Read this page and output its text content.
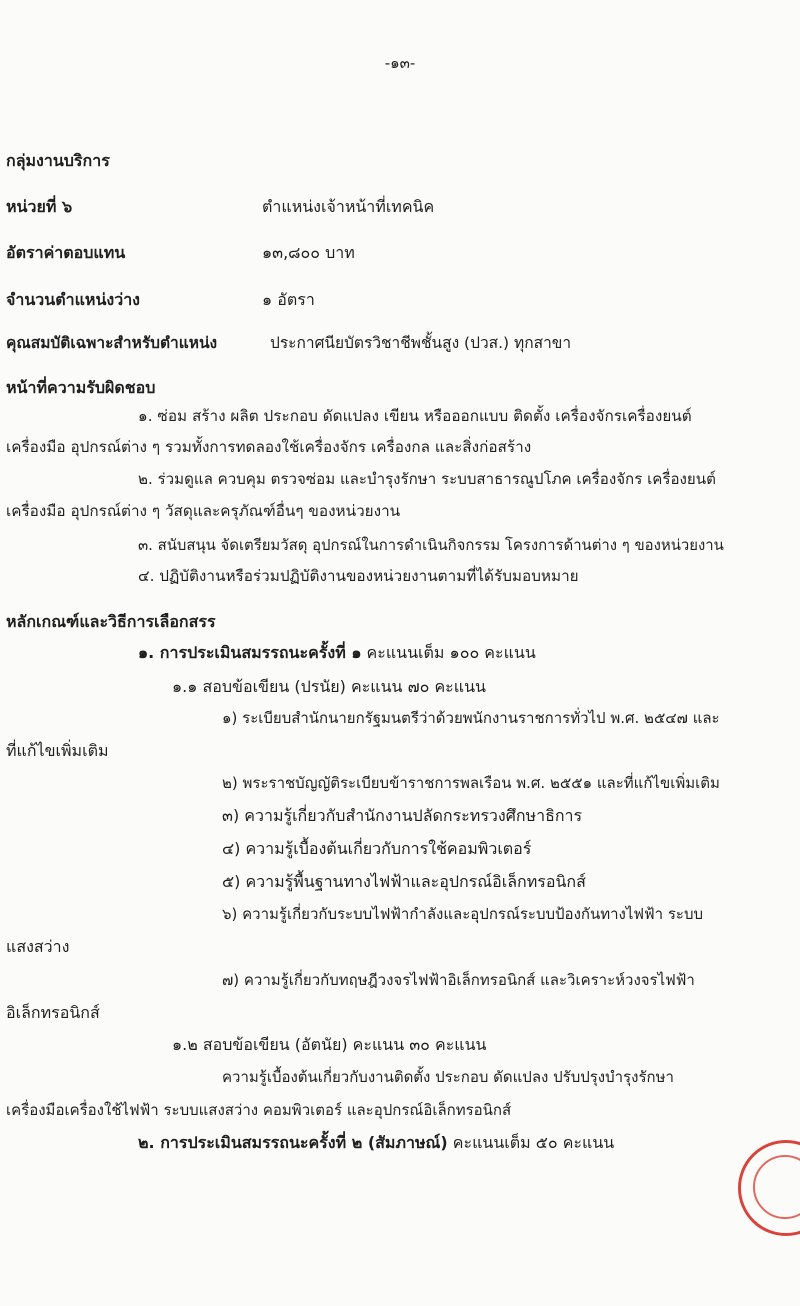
-๑๓-
กลุ่มงานบริการ
หน่วยที่ ๖	ตำแหน่งเจ้าหน้าที่เทคนิค
อัตราค่าตอบแทน	๑๓,๘๐๐ บาท
จำนวนตำแหน่งว่าง	๑ อัตรา
คุณสมบัติเฉพาะสำหรับตำแหน่ง	ประกาศนียบัตรวิชาชีพชั้นสูง (ปวส.) ทุกสาขา
หน้าที่ความรับผิดชอบ
๑. ซ่อม สร้าง ผลิต ประกอบ ดัดแปลง เขียน หรือออกแบบ ติดตั้ง เครื่องจักรเครื่องยนต์
เครื่องมือ อุปกรณ์ต่าง ๆ รวมทั้งการทดลองใช้เครื่องจักร เครื่องกล และสิ่งก่อสร้าง
๒. ร่วมดูแล ควบคุม ตรวจซ่อม และบำรุงรักษา ระบบสาธารณูปโภค เครื่องจักร เครื่องยนต์
เครื่องมือ อุปกรณ์ต่าง ๆ วัสดุและครุภัณฑ์อื่นๆ ของหน่วยงาน
๓. สนับสนุน จัดเตรียมวัสดุ อุปกรณ์ในการดำเนินกิจกรรม โครงการด้านต่าง ๆ ของหน่วยงาน
๔. ปฏิบัติงานหรือร่วมปฏิบัติงานของหน่วยงานตามที่ได้รับมอบหมาย
หลักเกณฑ์และวิธีการเลือกสรร
๑. การประเมินสมรรถนะครั้งที่ ๑ คะแนนเต็ม ๑๐๐ คะแนน
๑.๑ สอบข้อเขียน (ปรนัย) คะแนน ๗๐ คะแนน
๑) ระเบียบสำนักนายกรัฐมนตรีว่าด้วยพนักงานราชการทั่วไป พ.ศ. ๒๕๔๗ และ
ที่แก้ไขเพิ่มเติม
๒) พระราชบัญญัติระเบียบข้าราชการพลเรือน พ.ศ. ๒๕๕๑ และที่แก้ไขเพิ่มเติม
๓) ความรู้เกี่ยวกับสำนักงานปลัดกระทรวงศึกษาธิการ
๔) ความรู้เบื้องต้นเกี่ยวกับการใช้คอมพิวเตอร์
๕) ความรู้พื้นฐานทางไฟฟ้าและอุปกรณ์อิเล็กทรอนิกส์
๖) ความรู้เกี่ยวกับระบบไฟฟ้ากำลังและอุปกรณ์ระบบป้องกันทางไฟฟ้า ระบบ
แสงสว่าง
๗) ความรู้เกี่ยวกับทฤษฎีวงจรไฟฟ้าอิเล็กทรอนิกส์ และวิเคราะห์วงจรไฟฟ้า
อิเล็กทรอนิกส์
๑.๒ สอบข้อเขียน (อัตนัย) คะแนน ๓๐ คะแนน
ความรู้เบื้องต้นเกี่ยวกับงานติดตั้ง ประกอบ ดัดแปลง ปรับปรุงบำรุงรักษา
เครื่องมือเครื่องใช้ไฟฟ้า ระบบแสงสว่าง คอมพิวเตอร์ และอุปกรณ์อิเล็กทรอนิกส์
๒. การประเมินสมรรถนะครั้งที่ ๒ (สัมภาษณ์) คะแนนเต็ม ๕๐ คะแนน
